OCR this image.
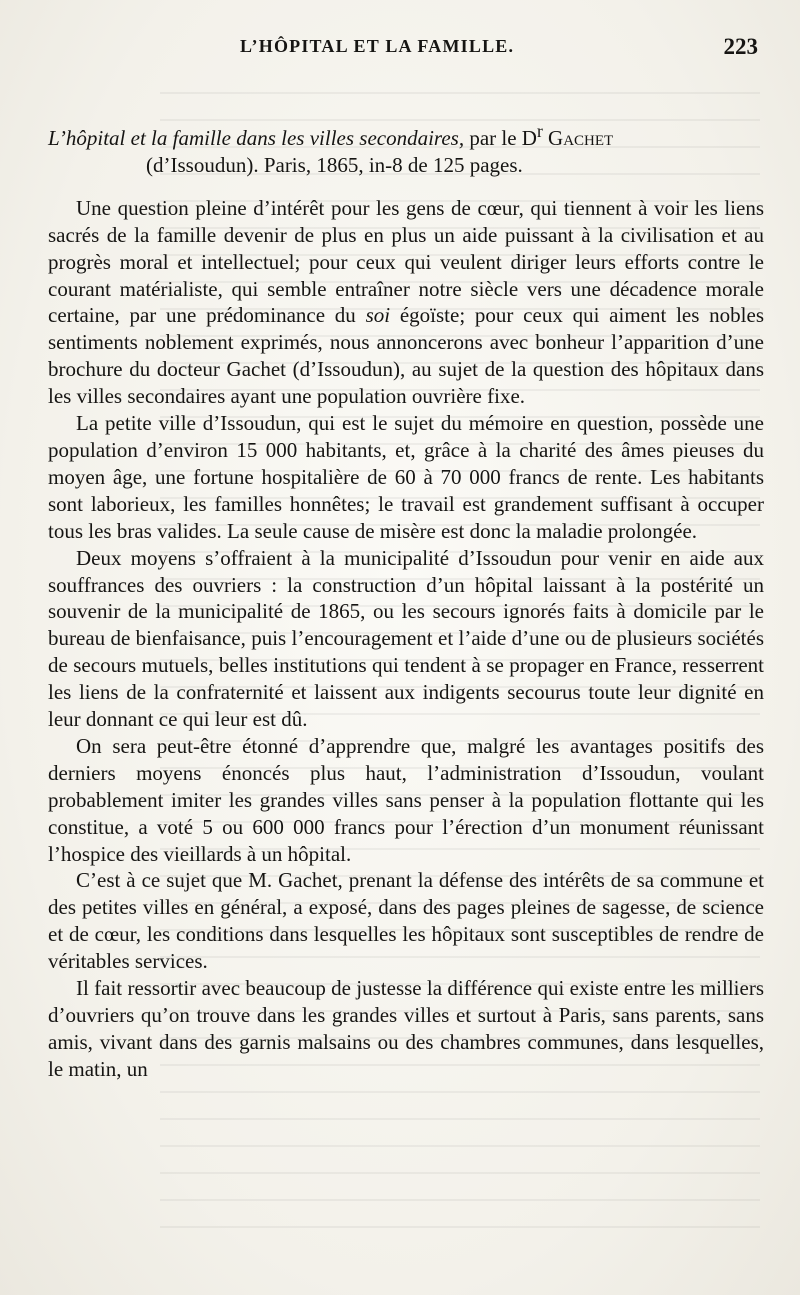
L’HÔPITAL ET LA FAMILLE.	223

L’hôpital et la famille dans les villes secondaires, par le $D^r$ Gachet
(d’Issoudun). Paris, 1865, in-8 de 125 pages.

Une question pleine d’intérêt pour les gens de cœur, qui tiennent à voir les liens sacrés de la famille devenir de plus en plus un aide puissant à la civilisation et au progrès moral et intellectuel; pour ceux qui veulent diriger leurs efforts contre le courant matérialiste, qui semble entraîner notre siècle vers une décadence morale certaine, par une prédominance du soi égoïste; pour ceux qui aiment les nobles sentiments noblement exprimés, nous annoncerons avec bonheur l’apparition d’une brochure du docteur Gachet (d’Issoudun), au sujet de la question des hôpitaux dans les villes secondaires ayant une population ouvrière fixe.

La petite ville d’Issoudun, qui est le sujet du mémoire en question, possède une population d’environ 15 000 habitants, et, grâce à la charité des âmes pieuses du moyen âge, une fortune hospitalière de 60 à 70 000 francs de rente. Les habitants sont laborieux, les familles honnêtes; le travail est grandement suffisant à occuper tous les bras valides. La seule cause de misère est donc la maladie prolongée.

Deux moyens s’offraient à la municipalité d’Issoudun pour venir en aide aux souffrances des ouvriers : la construction d’un hôpital laissant à la postérité un souvenir de la municipalité de 1865, ou les secours ignorés faits à domicile par le bureau de bienfaisance, puis l’encouragement et l’aide d’une ou de plusieurs sociétés de secours mutuels, belles institutions qui tendent à se propager en France, resserrent les liens de la confraternité et laissent aux indigents secourus toute leur dignité en leur donnant ce qui leur est dû.

On sera peut-être étonné d’apprendre que, malgré les avantages positifs des derniers moyens énoncés plus haut, l’administration d’Issoudun, voulant probablement imiter les grandes villes sans penser à la population flottante qui les constitue, a voté 5 ou 600 000 francs pour l’érection d’un monument réunissant l’hospice des vieillards à un hôpital.

C’est à ce sujet que M. Gachet, prenant la défense des intérêts de sa commune et des petites villes en général, a exposé, dans des pages pleines de sagesse, de science et de cœur, les conditions dans lesquelles les hôpitaux sont susceptibles de rendre de véritables services.

Il fait ressortir avec beaucoup de justesse la différence qui existe entre les milliers d’ouvriers qu’on trouve dans les grandes villes et surtout à Paris, sans parents, sans amis, vivant dans des garnis malsains ou des chambres communes, dans lesquelles, le matin, un
